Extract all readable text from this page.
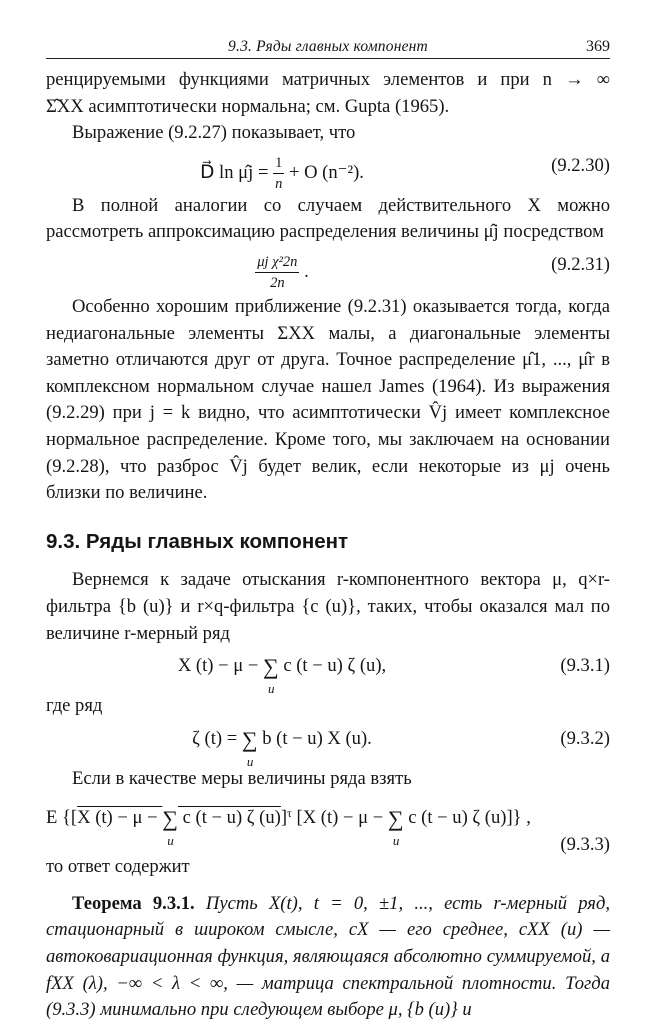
9.3. Ряды главных компонент	369

ренцируемыми функциями матричных элементов и при n → ∞

Σ̂XX асимптотически нормальна; см. Gupta (1965).

Выражение (9.2.27) показывает, что

D⃗ ln μ̂j = $\frac{1}{n} + O$ (n⁻²).	(9.2.30)

В полной аналогии со случаем действительного X можно рассмотреть аппроксимацию распределения величины μ̂j посредством

$\frac{\text{μj χ²2n}}{2n}$ .	(9.2.31)

Особенно хорошим приближение (9.2.31) оказывается тогда, когда недиагональные элементы ΣXX малы, а диагональные элементы заметно отличаются друг от друга. Точное распределение μ̂1, ..., μ̂r в комплексном нормальном случае нашел James (1964). Из выражения (9.2.29) при j = k видно, что асимптотически V̂j имеет комплексное нормальное распределение. Кроме того, мы заключаем на основании (9.2.28), что разброс V̂j будет велик, если некоторые из μj очень близки по величине.

9.3. Ряды главных компонент

Вернемся к задаче отыскания r-компонентного вектора μ, q×r-фильтра {b (u)} и r×q-фильтра {c (u)}, таких, чтобы оказался мал по величине r-мерный ряд

X (t) − μ − ∑
u
c (t − u) ζ (u),	(9.3.1)

где ряд

ζ (t) = ∑
u
b (t − u) X (u).	(9.3.2)

Если в качестве меры величины ряда взять

E {[X (t) − μ − ∑
u
c (t − u) ζ (u)]$^\tau$ [X (t) − μ − ∑
u
c (t − u) ζ (u)]} ,
(9.3.3)

то ответ содержит

Теорема 9.3.1. Пусть X(t), t = 0, ±1, ..., есть r-мерный ряд, стационарный в широком смысле, cX — его среднее, cXX (u) — автоковариационная функция, являющаяся абсолютно суммируемой, a fXX (λ), −∞ < λ < ∞, — матрица спектральной плотности. Тогда (9.3.3) минимально при следующем выборе μ, {b (u)} и
